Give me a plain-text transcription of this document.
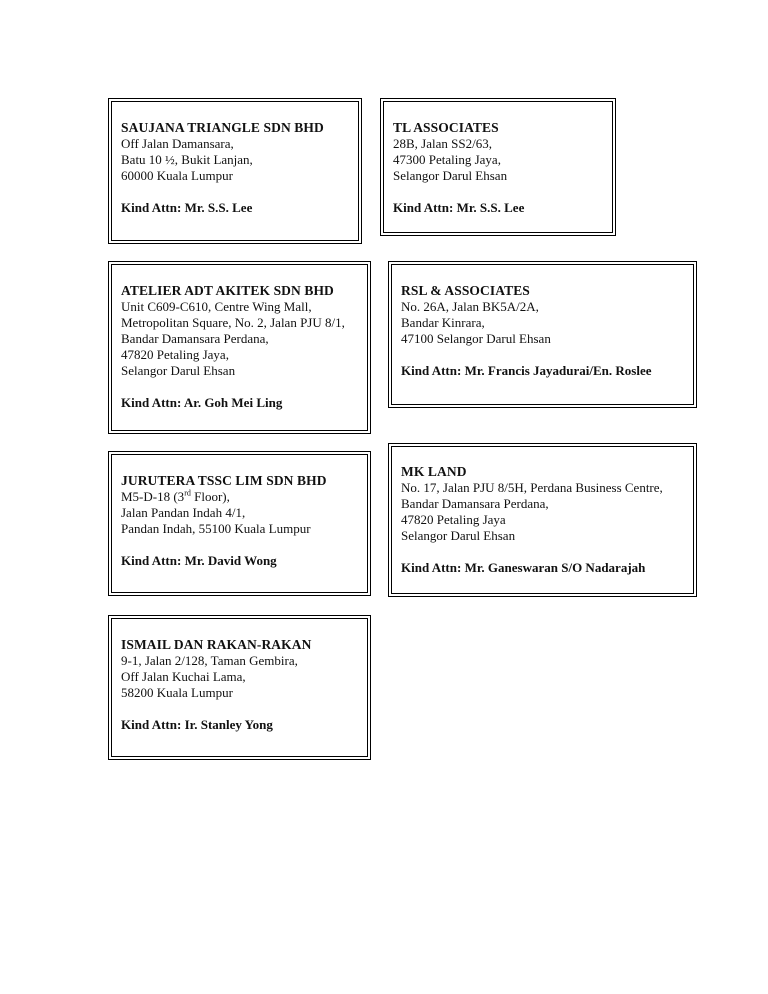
SAUJANA TRIANGLE SDN BHD
Off Jalan Damansara,
Batu 10 ½, Bukit Lanjan,
60000 Kuala Lumpur
Kind Attn: Mr. S.S. Lee
TL ASSOCIATES
28B, Jalan SS2/63,
47300 Petaling Jaya,
Selangor Darul Ehsan
Kind Attn: Mr. S.S. Lee
ATELIER ADT AKITEK SDN BHD
Unit C609-C610, Centre Wing Mall,
Metropolitan Square, No. 2, Jalan PJU 8/1,
Bandar Damansara Perdana,
47820 Petaling Jaya,
Selangor Darul Ehsan
Kind Attn: Ar. Goh Mei Ling
RSL & ASSOCIATES
No. 26A, Jalan BK5A/2A,
Bandar Kinrara,
47100 Selangor Darul Ehsan
Kind Attn: Mr. Francis Jayadurai/En. Roslee
JURUTERA TSSC LIM SDN BHD
M5-D-18 (3rd Floor),
Jalan Pandan Indah 4/1,
Pandan Indah, 55100 Kuala Lumpur
Kind Attn: Mr. David Wong
MK LAND
No. 17, Jalan PJU 8/5H, Perdana Business Centre,
Bandar Damansara Perdana,
47820 Petaling Jaya
Selangor Darul Ehsan
Kind Attn: Mr. Ganeswaran S/O Nadarajah
ISMAIL DAN RAKAN-RAKAN
9-1, Jalan 2/128, Taman Gembira,
Off Jalan Kuchai Lama,
58200 Kuala Lumpur
Kind Attn: Ir. Stanley Yong
